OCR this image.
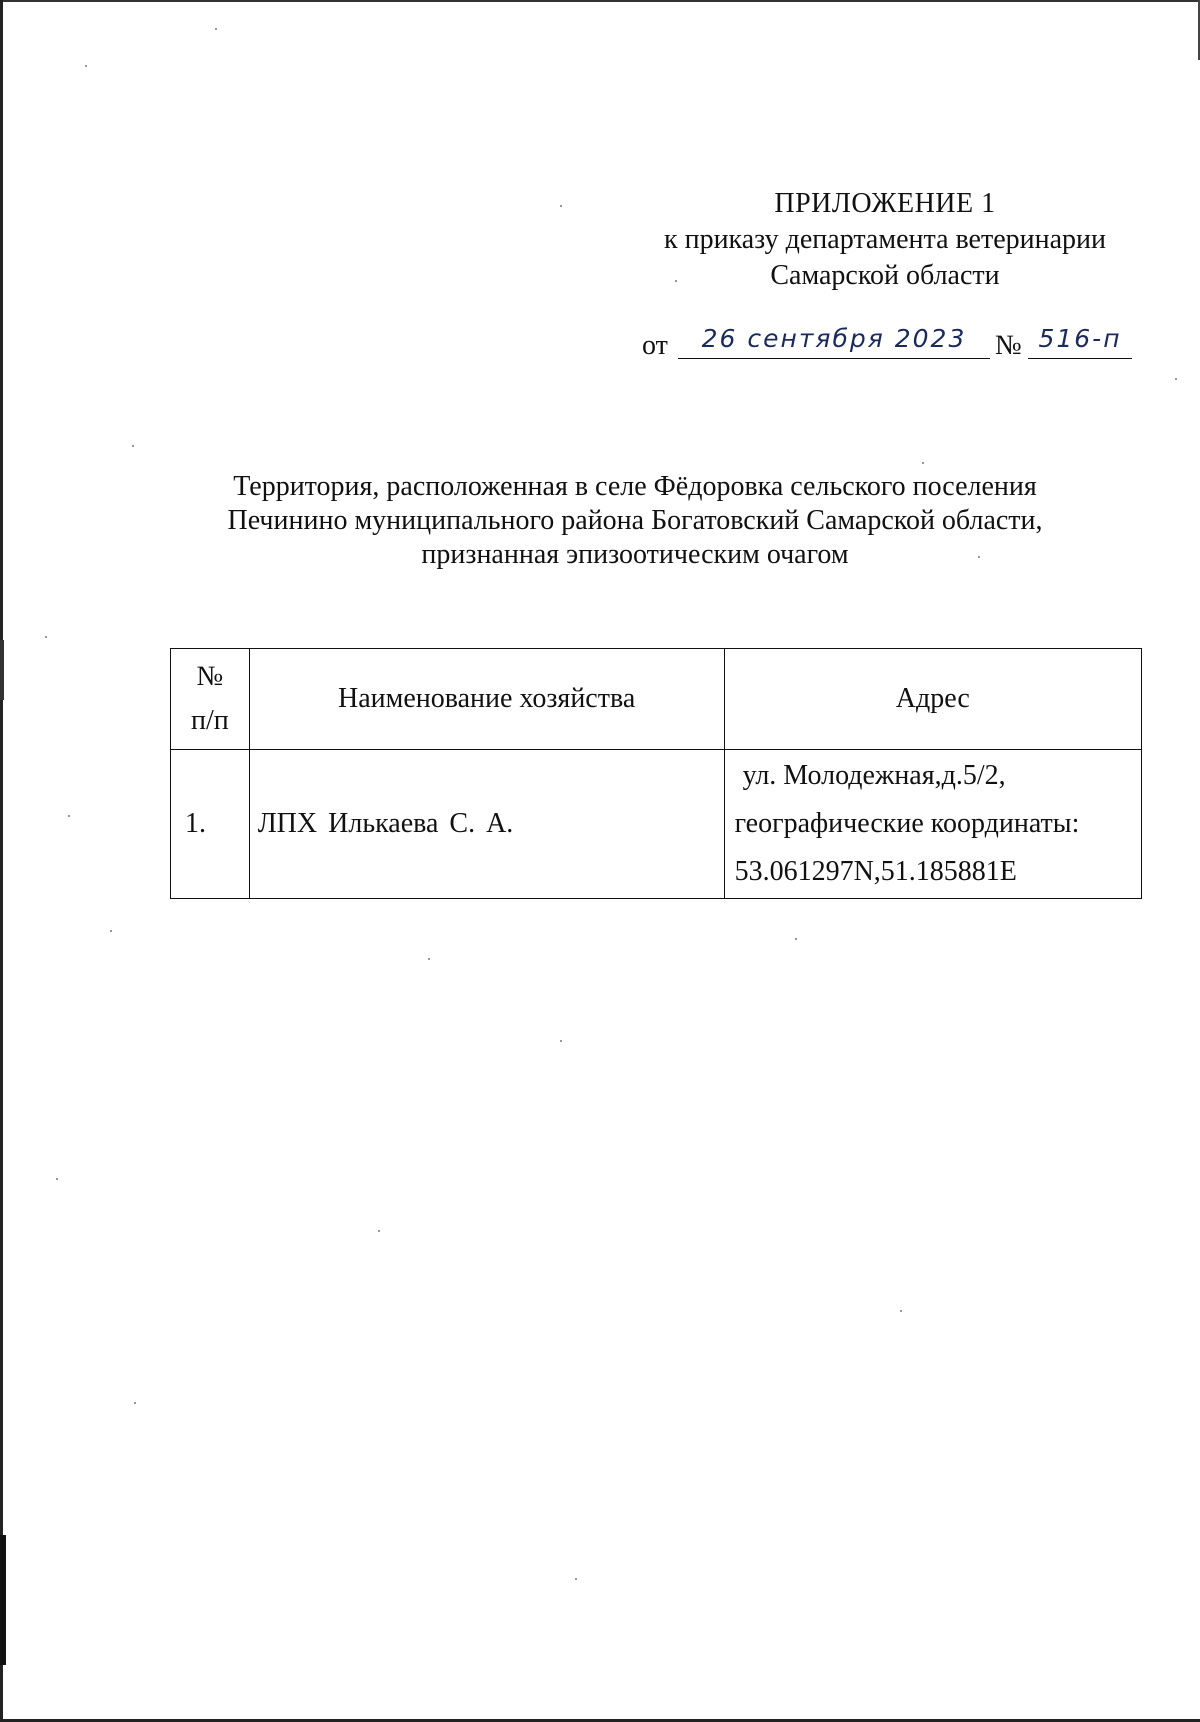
ПРИЛОЖЕНИЕ 1
к приказу департамента ветеринарии
Самарской области
от	26 сентября 2023	№ 516-п
Территория, расположенная в селе Фёдоровка сельского поселения
Печинино муниципального района Богатовский Самарской области,
признанная эпизоотическим очагом
№
п/п	Наименование хозяйства	Адрес
1.	ЛПХ Илькаева С. А.	ул. Молодежная,д.5/2,
географические координаты:
53.061297N,51.185881E
